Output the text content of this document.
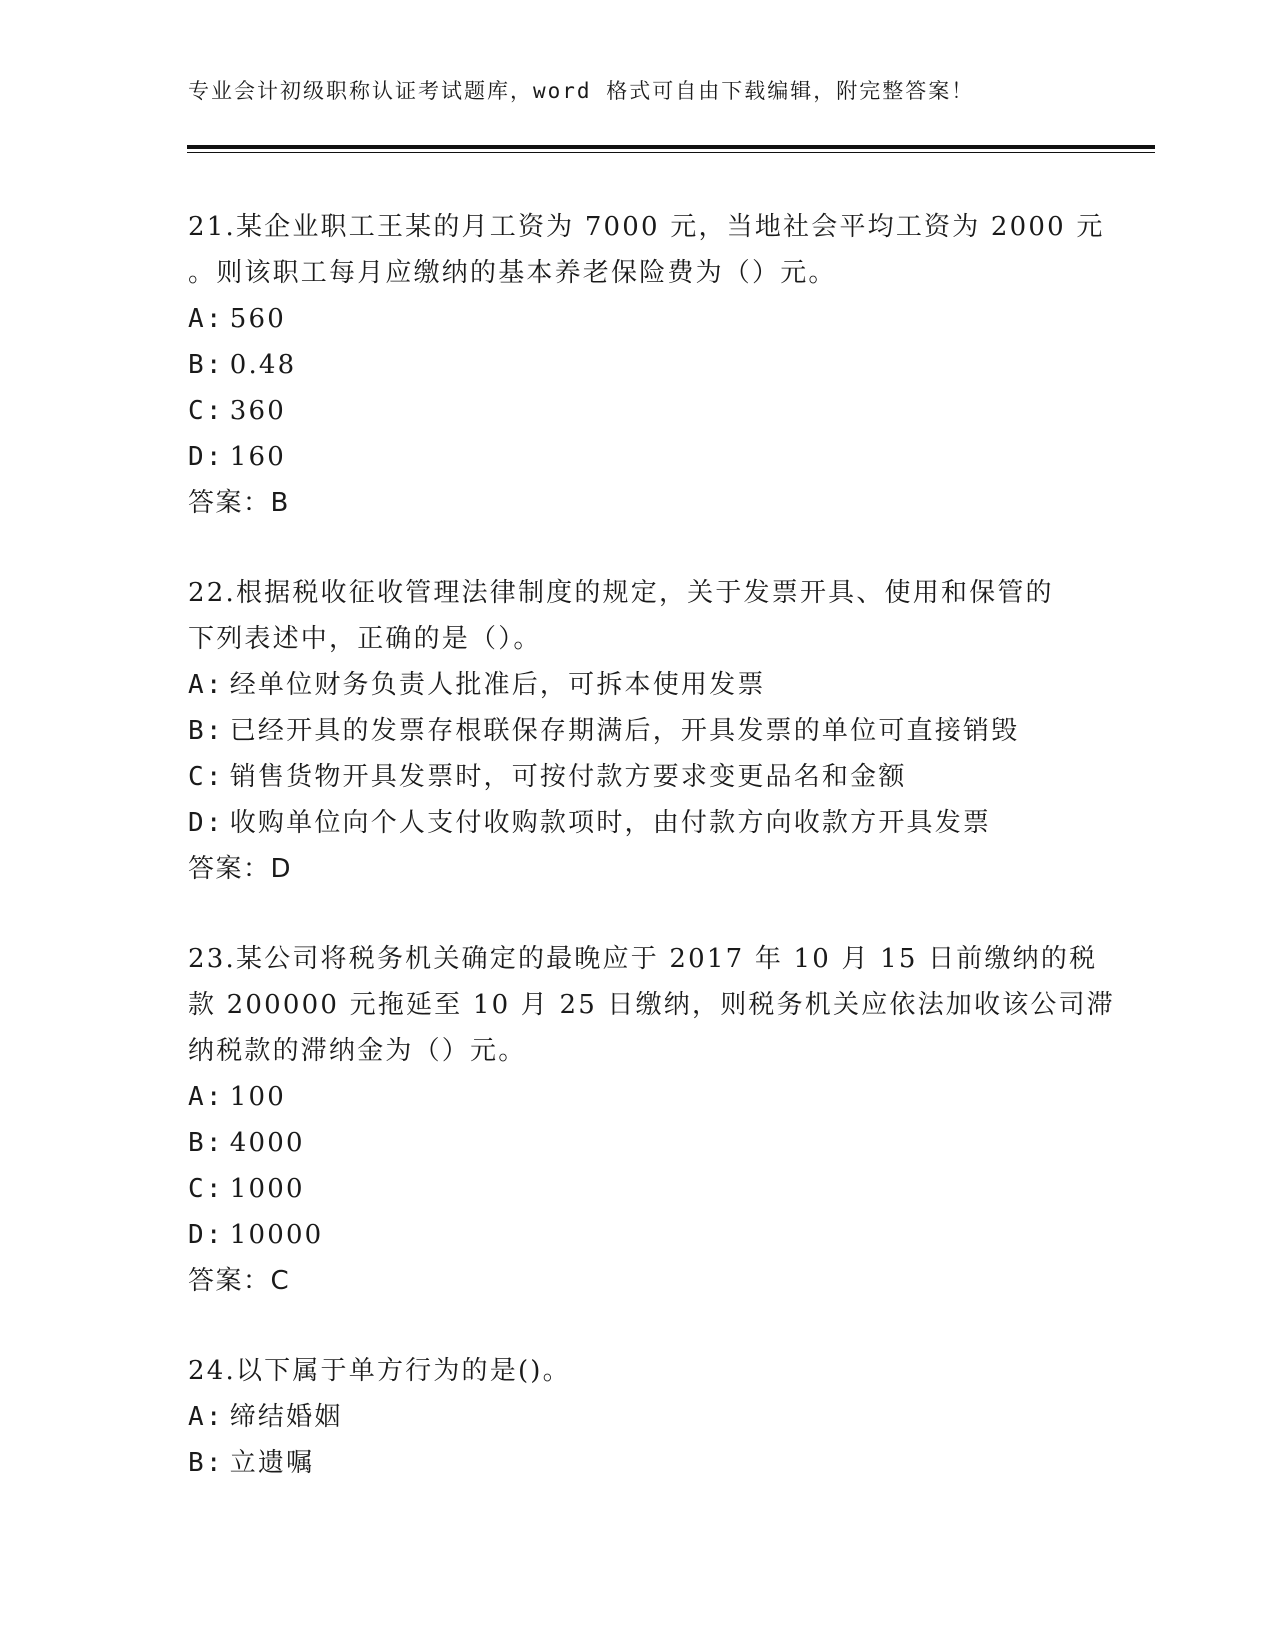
专业会计初级职称认证考试题库，word 格式可自由下载编辑，附完整答案！
21.某企业职工王某的月工资为 7000 元，当地社会平均工资为 2000 元
。则该职工每月应缴纳的基本养老保险费为（）元。
A: 560
B: 0.48
C: 360
D: 160
答案：B
22.根据税收征收管理法律制度的规定，关于发票开具、使用和保管的
下列表述中，正确的是（）。
A: 经单位财务负责人批准后，可拆本使用发票
B: 已经开具的发票存根联保存期满后，开具发票的单位可直接销毁
C: 销售货物开具发票时，可按付款方要求变更品名和金额
D: 收购单位向个人支付收购款项时，由付款方向收款方开具发票
答案：D
23.某公司将税务机关确定的最晚应于 2017 年 10 月 15 日前缴纳的税
款 200000 元拖延至 10 月 25 日缴纳，则税务机关应依法加收该公司滞
纳税款的滞纳金为（）元。
A: 100
B: 4000
C: 1000
D: 10000
答案：C
24.以下属于单方行为的是()。
A: 缔结婚姻
B: 立遗嘱
